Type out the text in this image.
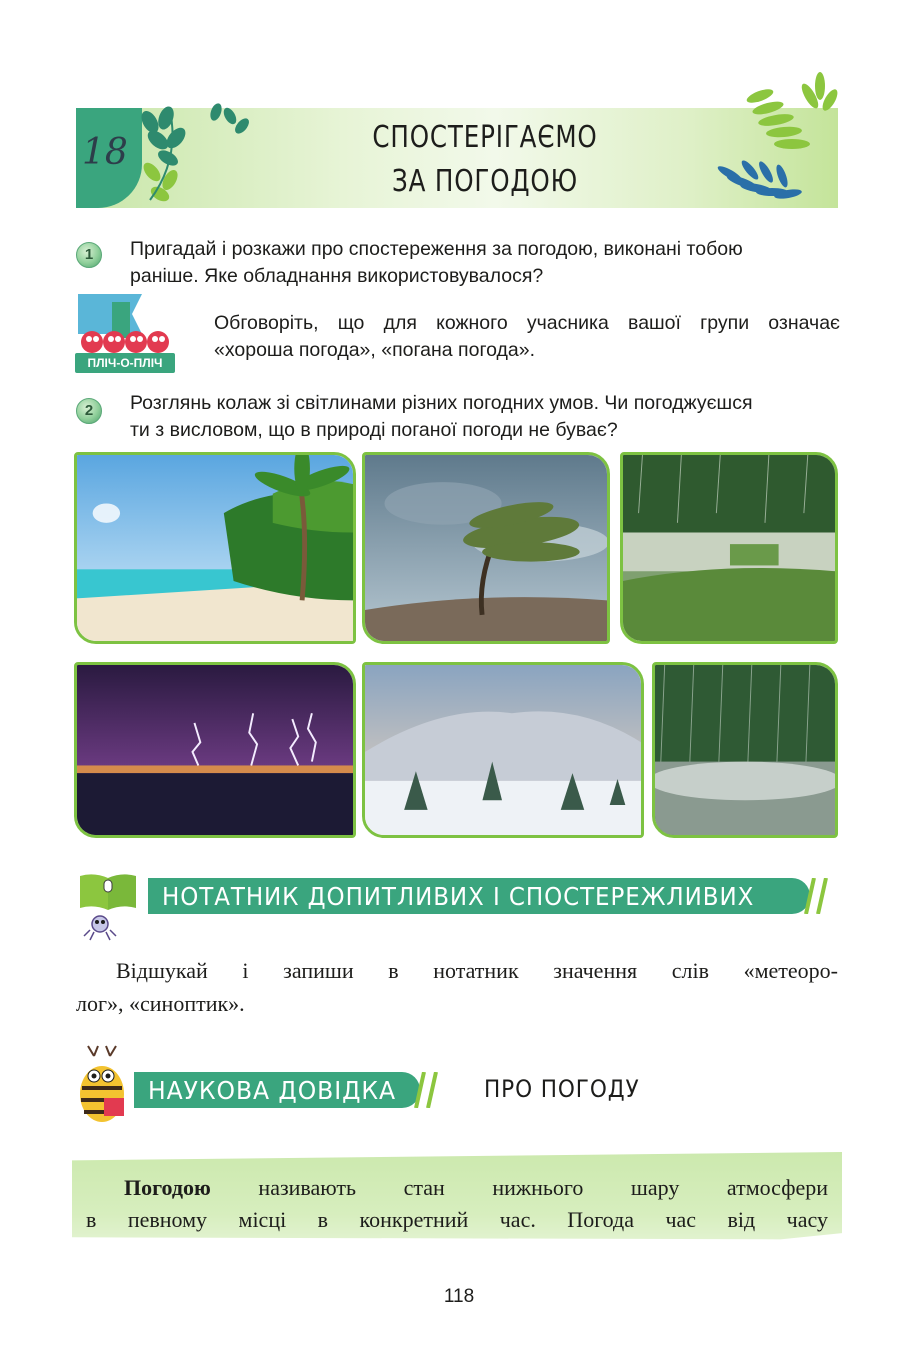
18	СПОСТЕРІГАЄМО
ЗА ПОГОДОЮ
1	Пригадай і розкажи про спостереження за погодою, виконані тобою
раніше. Яке обладнання використовувалося?
ПЛІЧ-О-ПЛІЧ
Обговоріть, що для кожного учасника вашої групи означає
«хороша погода», «погана погода».
2	Розглянь колаж зі світлинами різних погодних умов. Чи погоджуєшся
ти з висловом, що в природі поганої погоди не буває?
НОТАТНИК ДОПИТЛИВИХ І СПОСТЕРЕЖЛИВИХ
Відшукай і запиши в нотатник значення слів «метеоро-
лог», «синоптик».
НАУКОВА ДОВІДКА	ПРО ПОГОДУ
Погодою називають стан нижнього шару атмосфери
в певному місці в конкретний час. Погода час від часу
118
